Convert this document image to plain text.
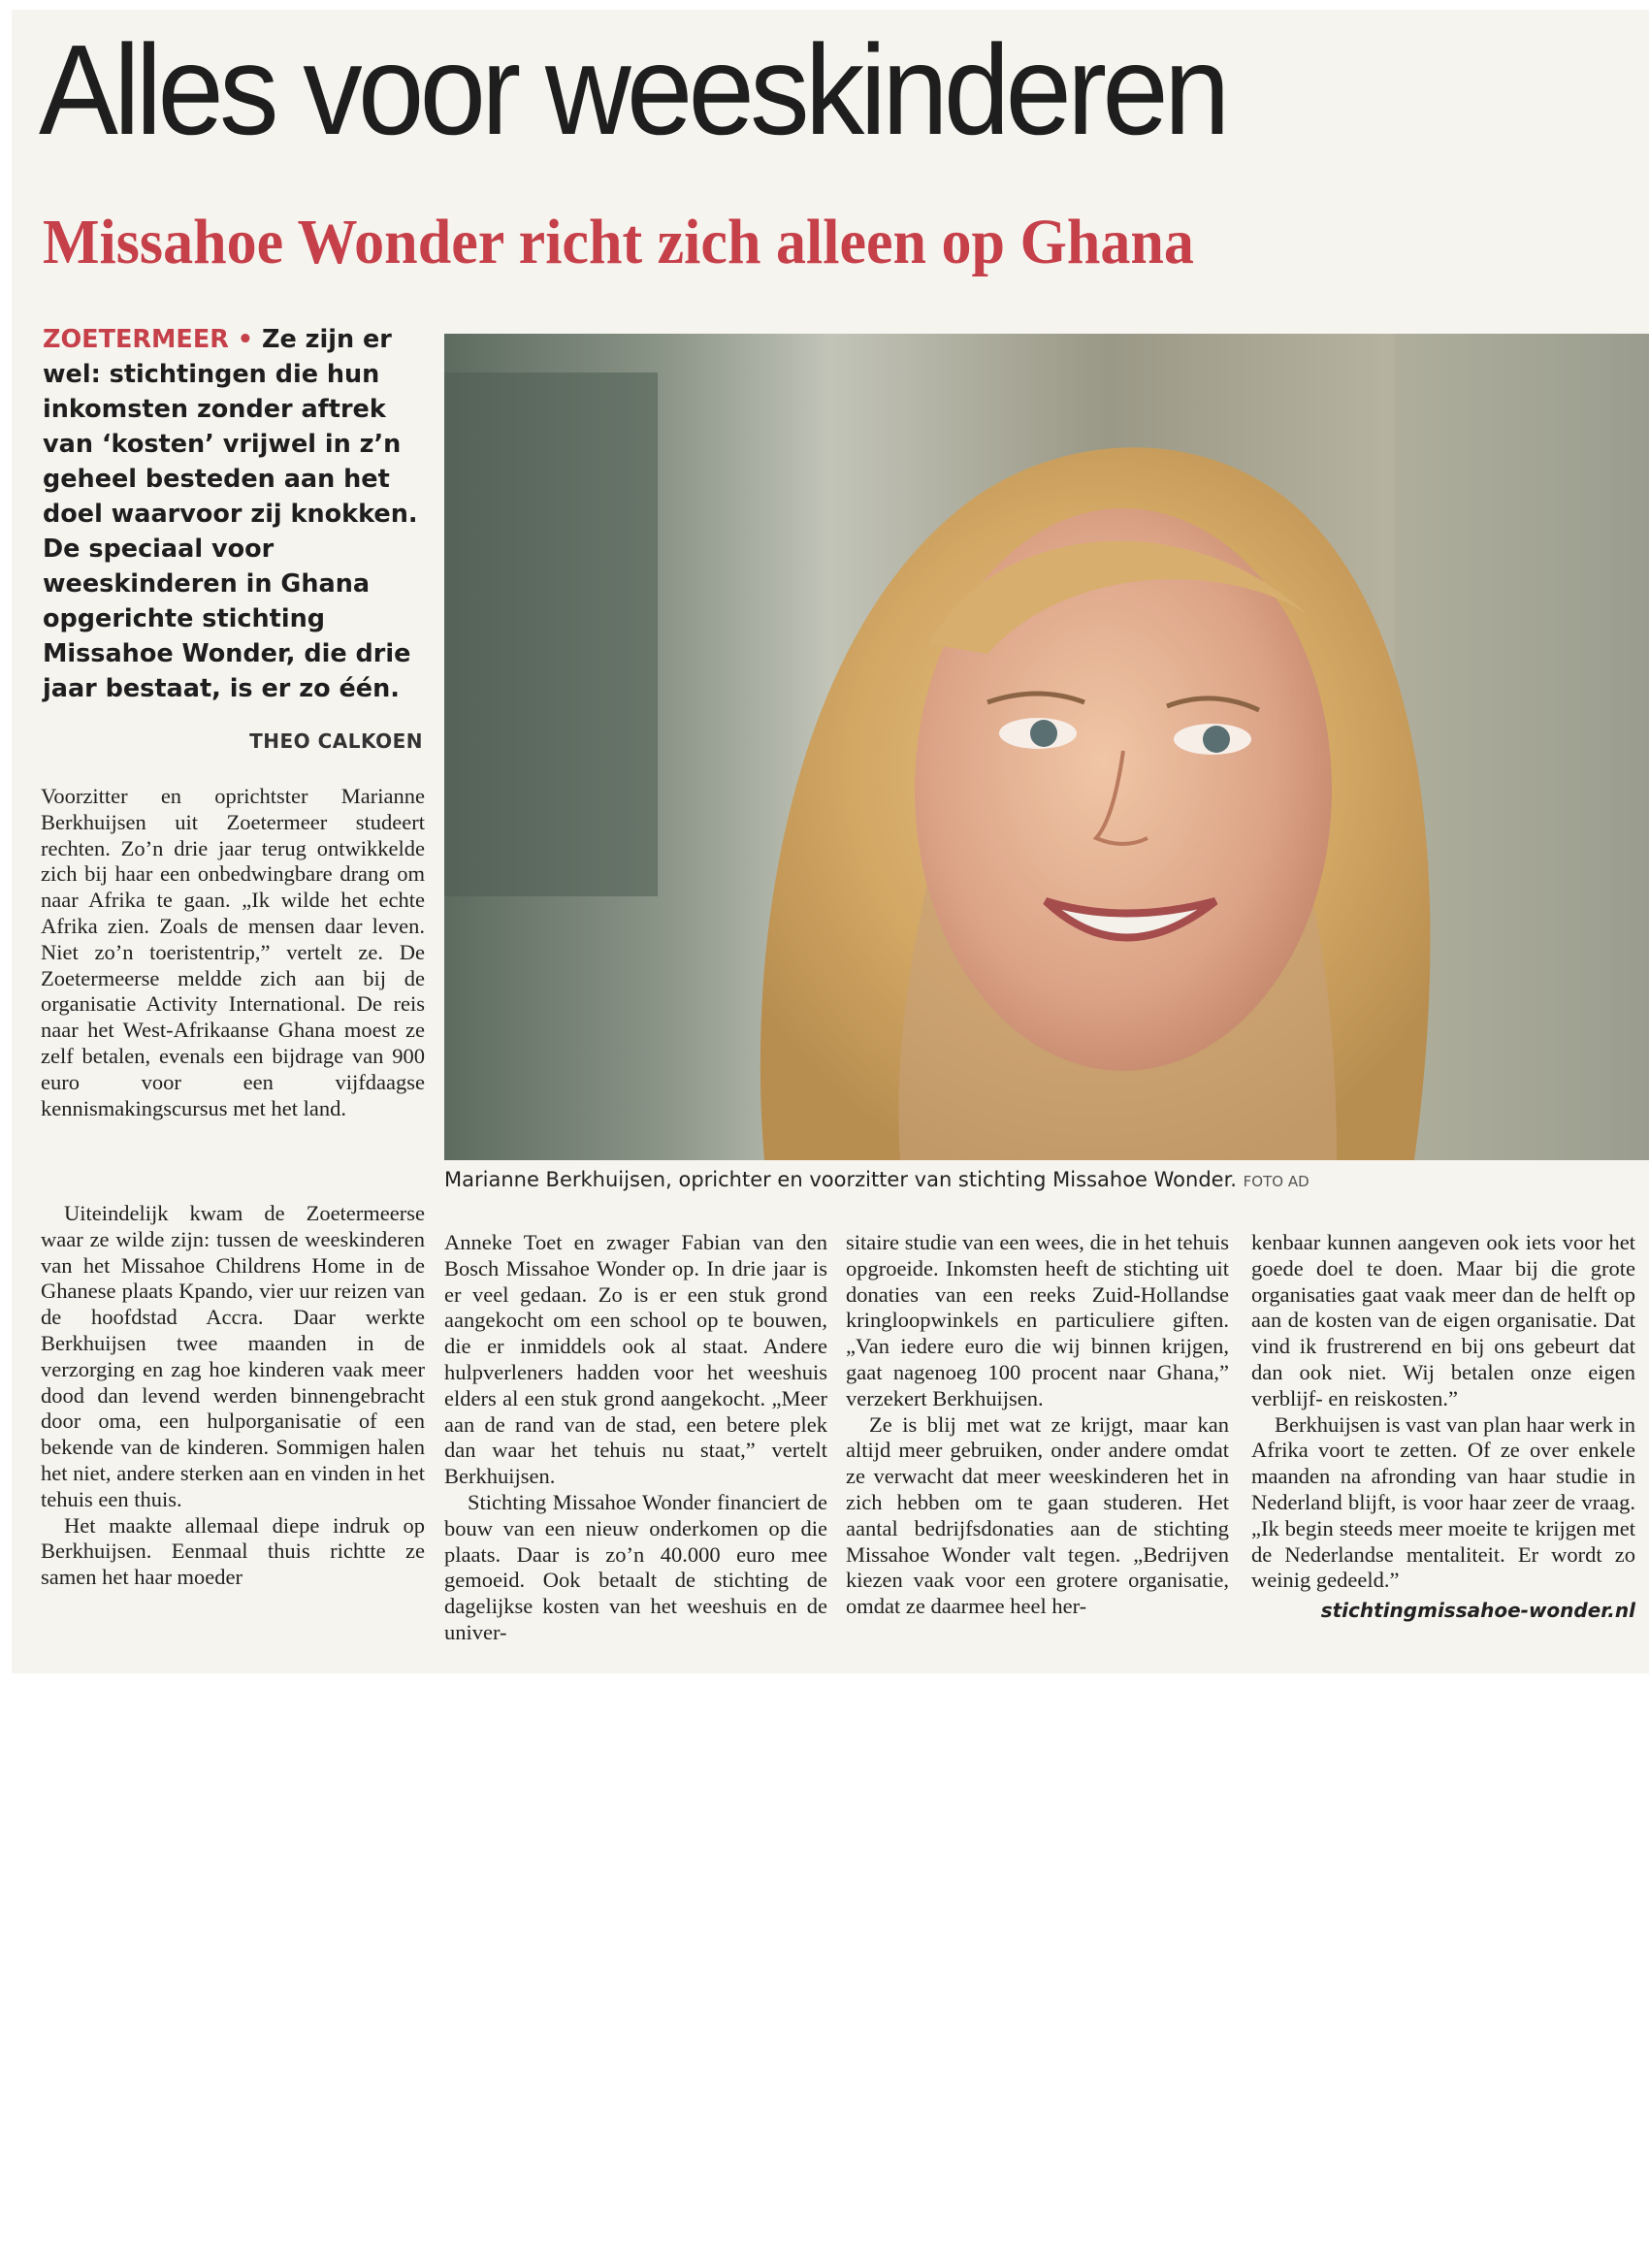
Alles voor weeskinderen
Missahoe Wonder richt zich alleen op Ghana
ZOETERMEER • Ze zijn er wel: stichtingen die hun inkomsten zonder aftrek van ‘kosten’ vrijwel in z’n geheel besteden aan het doel waarvoor zij knokken. De speciaal voor weeskinderen in Ghana opgerichte stichting Missahoe Wonder, die drie jaar bestaat, is er zo één.
THEO CALKOEN

Voorzitter en oprichtster Marianne Berkhuijsen uit Zoetermeer studeert rechten. Zo’n drie jaar terug ontwikkelde zich bij haar een onbedwingbare drang om naar Afrika te gaan. „Ik wilde het echte Afrika zien. Zoals de mensen daar leven. Niet zo’n toeristentrip,” vertelt ze. De Zoetermeerse meldde zich aan bij de organisatie Activity International. De reis naar het West-Afrikaanse Ghana moest ze zelf betalen, evenals een bijdrage van 900 euro voor een vijfdaagse kennismakingscursus met het land.

Uiteindelijk kwam de Zoetermeerse waar ze wilde zijn: tussen de weeskinderen van het Missahoe Childrens Home in de Ghanese plaats Kpando, vier uur reizen van de hoofdstad Accra. Daar werkte Berkhuijsen twee maanden in de verzorging en zag hoe kinderen vaak meer dood dan levend werden binnengebracht door oma, een hulporganisatie of een bekende van de kinderen. Sommigen halen het niet, andere sterken aan en vinden in het tehuis een thuis.

Het maakte allemaal diepe indruk op Berkhuijsen. Eenmaal thuis richtte ze samen het haar moeder

Marianne Berkhuijsen, oprichter en voorzitter van stichting Missahoe Wonder. FOTO AD

Anneke Toet en zwager Fabian van den Bosch Missahoe Wonder op. In drie jaar is er veel gedaan. Zo is er een stuk grond aangekocht om een school op te bouwen, die er inmiddels ook al staat. Andere hulpverleners hadden voor het weeshuis elders al een stuk grond aangekocht. „Meer aan de rand van de stad, een betere plek dan waar het tehuis nu staat,” vertelt Berkhuijsen.

Stichting Missahoe Wonder financiert de bouw van een nieuw onderkomen op die plaats. Daar is zo’n 40.000 euro mee gemoeid. Ook betaalt de stichting de dagelijkse kosten van het weeshuis en de univer-

sitaire studie van een wees, die in het tehuis opgroeide. Inkomsten heeft de stichting uit donaties van een reeks Zuid-Hollandse kringloopwinkels en particuliere giften. „Van iedere euro die wij binnen krijgen, gaat nagenoeg 100 procent naar Ghana,” verzekert Berkhuijsen.

Ze is blij met wat ze krijgt, maar kan altijd meer gebruiken, onder andere omdat ze verwacht dat meer weeskinderen het in zich hebben om te gaan studeren. Het aantal bedrijfsdonaties aan de stichting Missahoe Wonder valt tegen. „Bedrijven kiezen vaak voor een grotere organisatie, omdat ze daarmee heel her-

kenbaar kunnen aangeven ook iets voor het goede doel te doen. Maar bij die grote organisaties gaat vaak meer dan de helft op aan de kosten van de eigen organisatie. Dat vind ik frustrerend en bij ons gebeurt dat dan ook niet. Wij betalen onze eigen verblijf- en reiskosten.”

Berkhuijsen is vast van plan haar werk in Afrika voort te zetten. Of ze over enkele maanden na afronding van haar studie in Nederland blijft, is voor haar zeer de vraag. „Ik begin steeds meer moeite te krijgen met de Nederlandse mentaliteit. Er wordt zo weinig gedeeld.”

stichtingmissahoe-wonder.nl
